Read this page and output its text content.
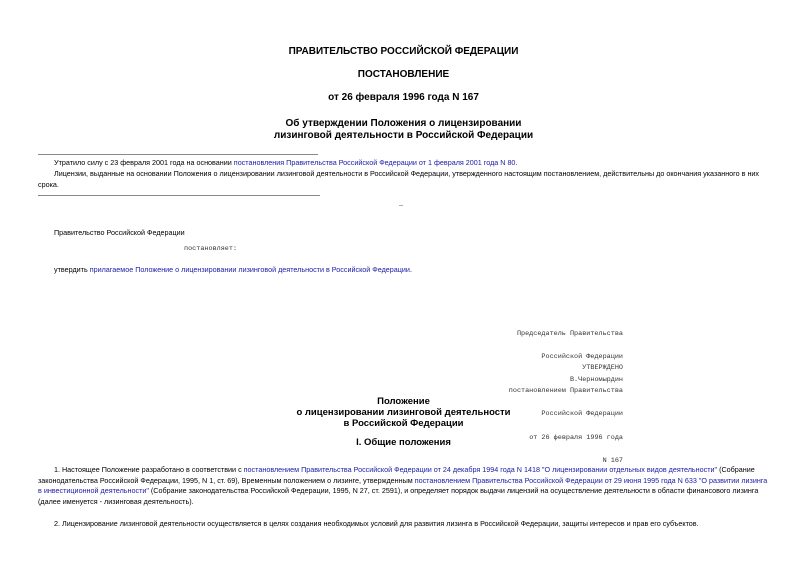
ПРАВИТЕЛЬСТВО РОССИЙСКОЙ ФЕДЕРАЦИИ
ПОСТАНОВЛЕНИЕ
от 26 февраля 1996 года N 167
Об утверждении Положения о лицензировании
лизинговой деятельности в Российской Федерации
Утратило силу с 23 февраля 2001 года на основании постановления Правительства Российской Федерации от 1 февраля 2001 года N 80.
Лицензии, выданные на основании Положения о лицензировании лизинговой деятельности в Российской Федерации, утвержденного настоящим постановлением, действительны до окончания указанного в них срока.
–
Правительство Российской Федерации
постановляет:
утвердить прилагаемое Положение о лицензировании лизинговой деятельности в Российской Федерации.

Председатель Правительства

Российской Федерации

В.Черномырдин

УТВЕРЖДЕНО

постановлением Правительства

Российской Федерации

от 26 февраля 1996 года

N 167

Положение
о лицензировании лизинговой деятельности
в Российской Федерации
I. Общие положения
1. Настоящее Положение разработано в соответствии с постановлением Правительства Российской Федерации от 24 декабря 1994 года N 1418 "О лицензировании отдельных видов деятельности" (Собрание законодательства Российской Федерации, 1995, N 1, ст. 69), Временным положением о лизинге, утвержденным постановлением Правительства Российской Федерации от 29 июня 1995 года N 633 "О развитии лизинга в инвестиционной деятельности" (Собрание законодательства Российской Федерации, 1995, N 27, ст. 2591), и определяет порядок выдачи лицензий на осуществление деятельности в области финансового лизинга (далее именуется - лизинговая деятельность).
2. Лицензирование лизинговой деятельности осуществляется в целях создания необходимых условий для развития лизинга в Российской Федерации, защиты интересов и прав его субъектов.
